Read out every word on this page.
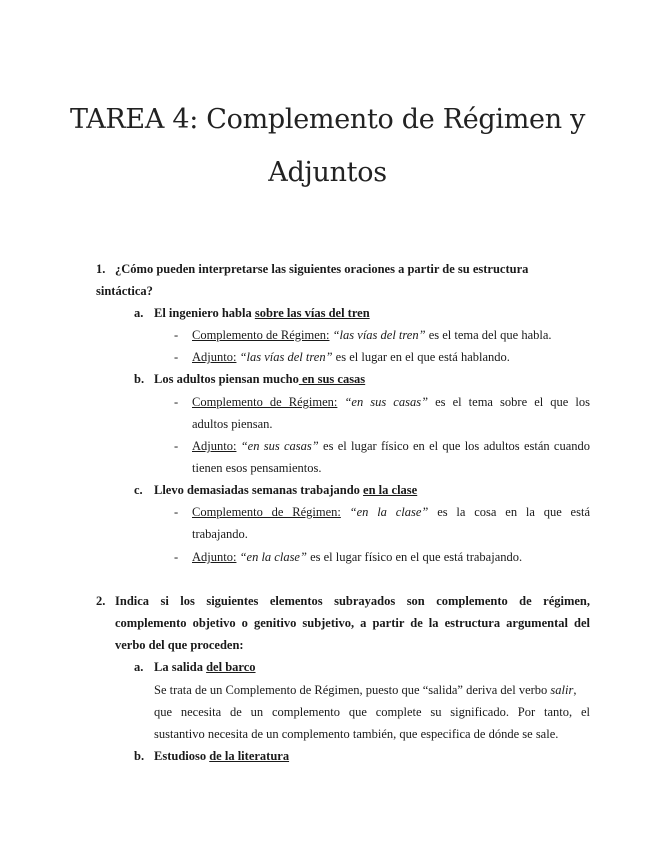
TAREA 4: Complemento de Régimen y
Adjuntos
1. ¿Cómo pueden interpretarse las siguientes oraciones a partir de su estructura
sintáctica?
a. El ingeniero habla sobre las vías del tren
- Complemento de Régimen: “las vías del tren” es el tema del que habla.
- Adjunto: “las vías del tren” es el lugar en el que está hablando.
b. Los adultos piensan mucho en sus casas
- Complemento de Régimen: “en sus casas” es el tema sobre el que los
adultos piensan.
- Adjunto: “en sus casas” es el lugar físico en el que los adultos están cuando
tienen esos pensamientos.
c. Llevo demasiadas semanas trabajando en la clase
- Complemento de Régimen: “en la clase” es la cosa en la que está
trabajando.
- Adjunto: “en la clase” es el lugar físico en el que está trabajando.
2. Indica si los siguientes elementos subrayados son complemento de régimen,
complemento objetivo o genitivo subjetivo, a partir de la estructura argumental del
verbo del que proceden:
a. La salida del barco
Se trata de un Complemento de Régimen, puesto que “salida” deriva del verbo salir,
que necesita de un complemento que complete su significado. Por tanto, el
sustantivo necesita de un complemento también, que especifica de dónde se sale.
b. Estudioso de la literatura
